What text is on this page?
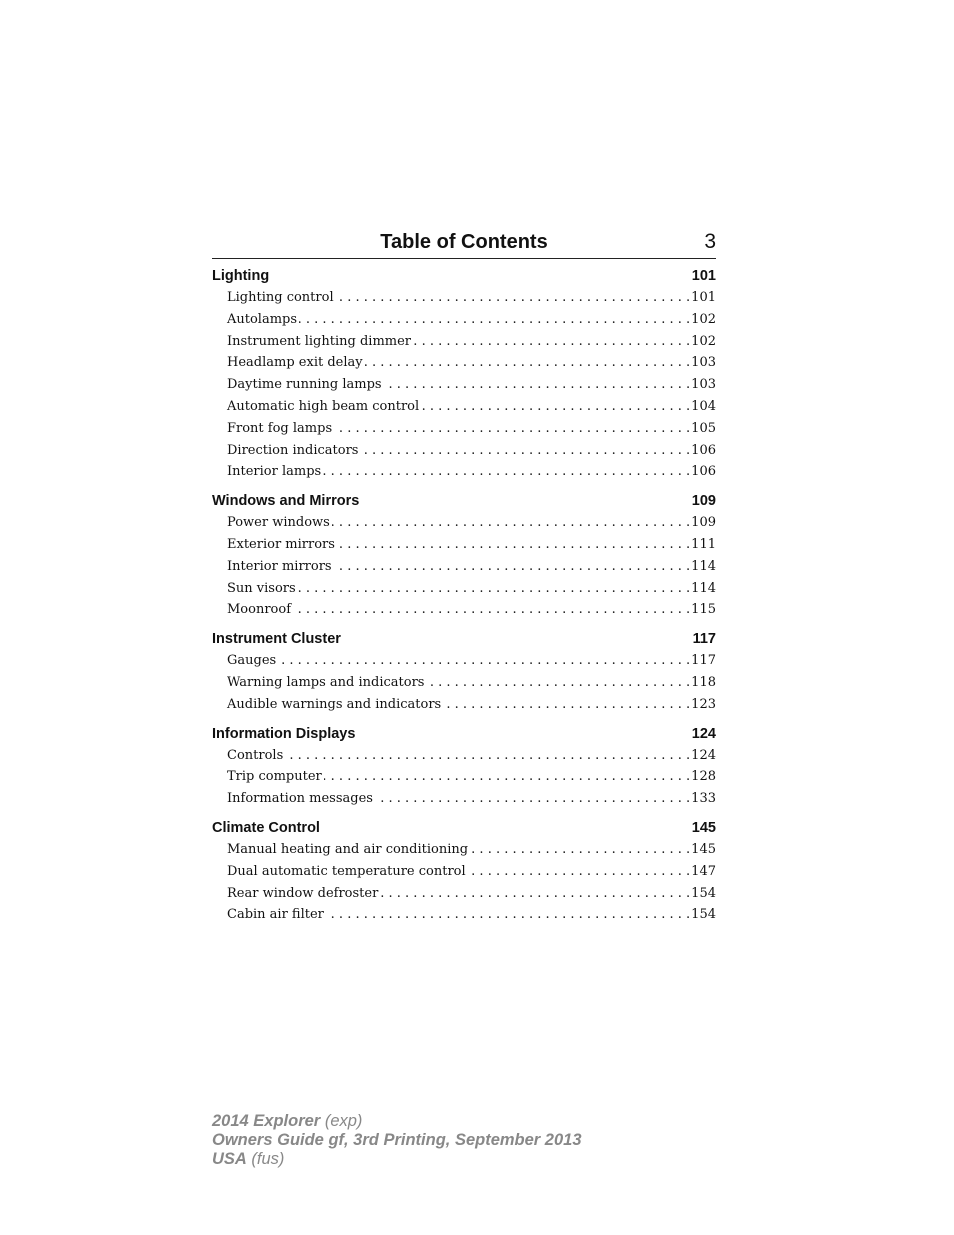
Table of Contents	3
Lighting	101
Lighting control . . .	101
Autolamps . . .	102
Instrument lighting dimmer . . .	102
Headlamp exit delay . . .	103
Daytime running lamps . . .	103
Automatic high beam control . . .	104
Front fog lamps . . .	105
Direction indicators . . .	106
Interior lamps . . .	106
Windows and Mirrors	109
Power windows . . .	109
Exterior mirrors . . .	111
Interior mirrors . . .	114
Sun visors . . .	114
Moonroof . . .	115
Instrument Cluster	117
Gauges . . .	117
Warning lamps and indicators . . .	118
Audible warnings and indicators . . .	123
Information Displays	124
Controls . . .	124
Trip computer . . .	128
Information messages . . .	133
Climate Control	145
Manual heating and air conditioning . . .	145
Dual automatic temperature control . . .	147
Rear window defroster . . .	154
Cabin air filter . . .	154
2014 Explorer (exp)
Owners Guide gf, 3rd Printing, September 2013
USA (fus)
